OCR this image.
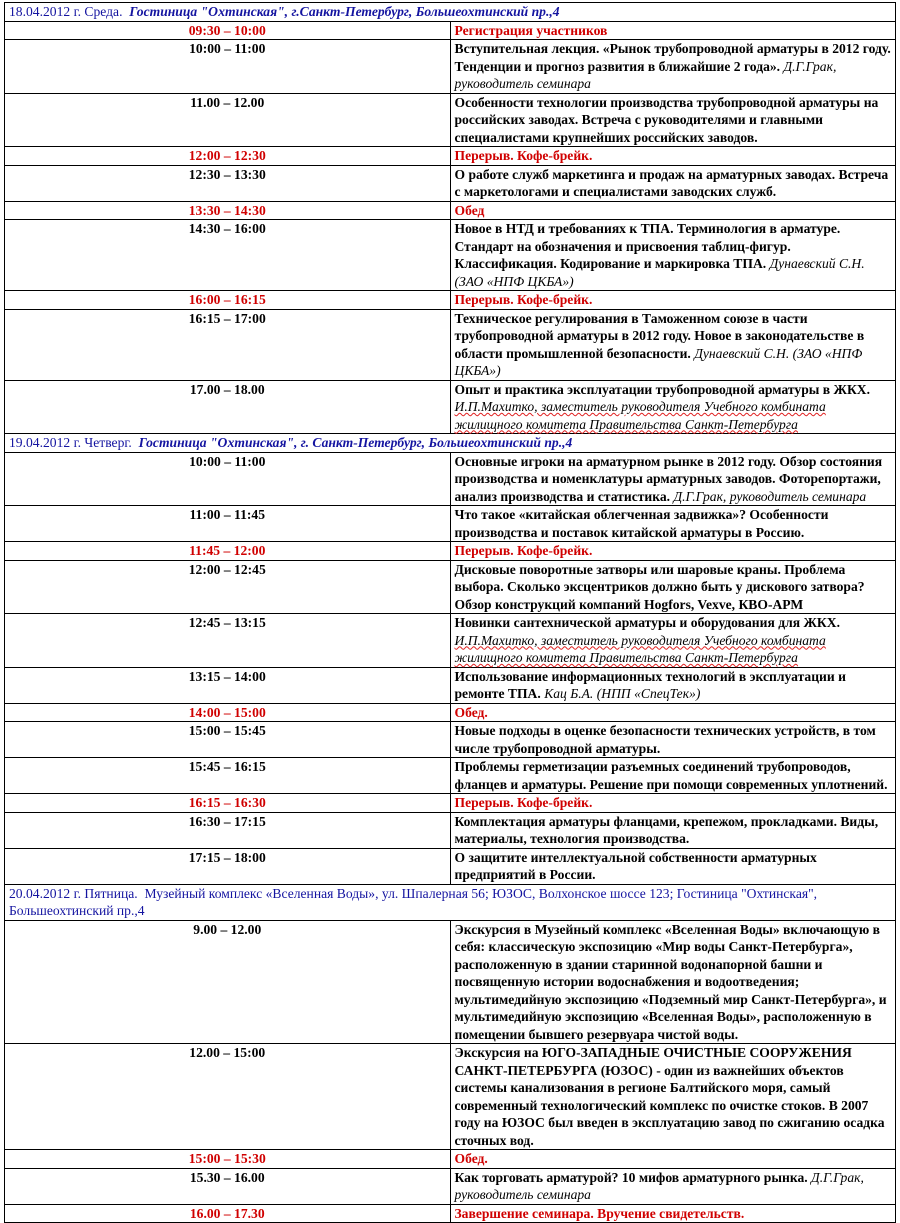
18.04.2012 г. Среда. Гостиница "Охтинская", г.Санкт-Петербург, Большеохтинский пр.,4	
09:30 – 10:00	Регистрация участников
10:00 – 11:00	Вступительная лекция. «Рынок трубопроводной арматуры в 2012 году. Тенденции и прогноз развития в ближайшие 2 года». Д.Г.Грак, руководитель семинара
11.00 – 12.00	Особенности технологии производства трубопроводной арматуры на российских заводах. Встреча с руководителями и главными специалистами крупнейших российских заводов.
12:00 – 12:30	Перерыв. Кофе-брейк.
12:30 – 13:30	О работе служб маркетинга и продаж на арматурных заводах. Встреча с маркетологами и специалистами заводских служб.
13:30 – 14:30	Обед
14:30 – 16:00	Новое в НТД и требованиях к ТПА. Терминология в арматуре. Стандарт на обозначения и присвоения таблиц-фигур. Классификация. Кодирование и маркировка ТПА. Дунаевский С.Н. (ЗАО «НПФ ЦКБА»)
16:00 – 16:15	Перерыв. Кофе-брейк.
16:15 – 17:00	Техническое регулирования в Таможенном союзе в части трубопроводной арматуры в 2012 году. Новое в законодательстве в области промышленной безопасности. Дунаевский С.Н. (ЗАО «НПФ ЦКБА»)
17.00 – 18.00	Опыт и практика эксплуатации трубопроводной арматуры в ЖКХ. И.П.Махитко, заместитель руководителя Учебного комбината жилищного комитета Правительства Санкт-Петербурга
19.04.2012 г. Четверг. Гостиница "Охтинская", г. Санкт-Петербург, Большеохтинский пр.,4	
10:00 – 11:00	Основные игроки на арматурном рынке в 2012 году. Обзор состояния производства и номенклатуры арматурных заводов. Фоторепортажи, анализ производства и статистика. Д.Г.Грак, руководитель семинара
11:00 – 11:45	Что такое «китайская облегченная задвижка»? Особенности производства и поставок китайской арматуры в Россию.
11:45 – 12:00	Перерыв. Кофе-брейк.
12:00 – 12:45	Дисковые поворотные затворы или шаровые краны. Проблема выбора. Сколько эксцентриков должно быть у дискового затвора? Обзор конструкций компаний Hogfors, Vexve, КВО-АРМ
12:45 – 13:15	Новинки сантехнической арматуры и оборудования для ЖКХ. И.П.Махитко, заместитель руководителя Учебного комбината жилищного комитета Правительства Санкт-Петербурга
13:15 – 14:00	Использование информационных технологий в эксплуатации и ремонте ТПА. Кац Б.А. (НПП «СпецТек»)
14:00 – 15:00	Обед.
15:00 – 15:45	Новые подходы в оценке безопасности технических устройств, в том числе трубопроводной арматуры.
15:45 – 16:15	Проблемы герметизации разъемных соединений трубопроводов, фланцев и арматуры. Решение при помощи современных уплотнений.
16:15 – 16:30	Перерыв. Кофе-брейк.
16:30 – 17:15	Комплектация арматуры фланцами, крепежом, прокладками. Виды, материалы, технология производства.
17:15 – 18:00	О защитите интеллектуальной собственности арматурных предприятий в России.
20.04.2012 г. Пятница. Музейный комплекс «Вселенная Воды», ул. Шпалерная 56; ЮЗОС, Волхонское шоссе 123; Гостиница "Охтинская", Большеохтинский пр.,4	
9.00 – 12.00	Экскурсия в Музейный комплекс «Вселенная Воды» включающую в себя: классическую экспозицию «Мир воды Санкт-Петербурга», расположенную в здании старинной водонапорной башни и посвященную истории водоснабжения и водоотведения; мультимедийную экспозицию «Подземный мир Санкт-Петербурга», и мультимедийную экспозицию «Вселенная Воды», расположенную в помещении бывшего резервуара чистой воды.
12.00 – 15:00	Экскурсия на ЮГО-ЗАПАДНЫЕ ОЧИСТНЫЕ СООРУЖЕНИЯ САНКТ-ПЕТЕРБУРГА (ЮЗОС) - один из важнейших объектов системы канализования в регионе Балтийского моря, самый современный технологический комплекс по очистке стоков. В 2007 году на ЮЗОС был введен в эксплуатацию завод по сжиганию осадка сточных вод.
15:00 – 15:30	Обед.
15.30 – 16.00	Как торговать арматурой? 10 мифов арматурного рынка. Д.Г.Грак, руководитель семинара
16.00 – 17.30	Завершение семинара. Вручение свидетельств.
